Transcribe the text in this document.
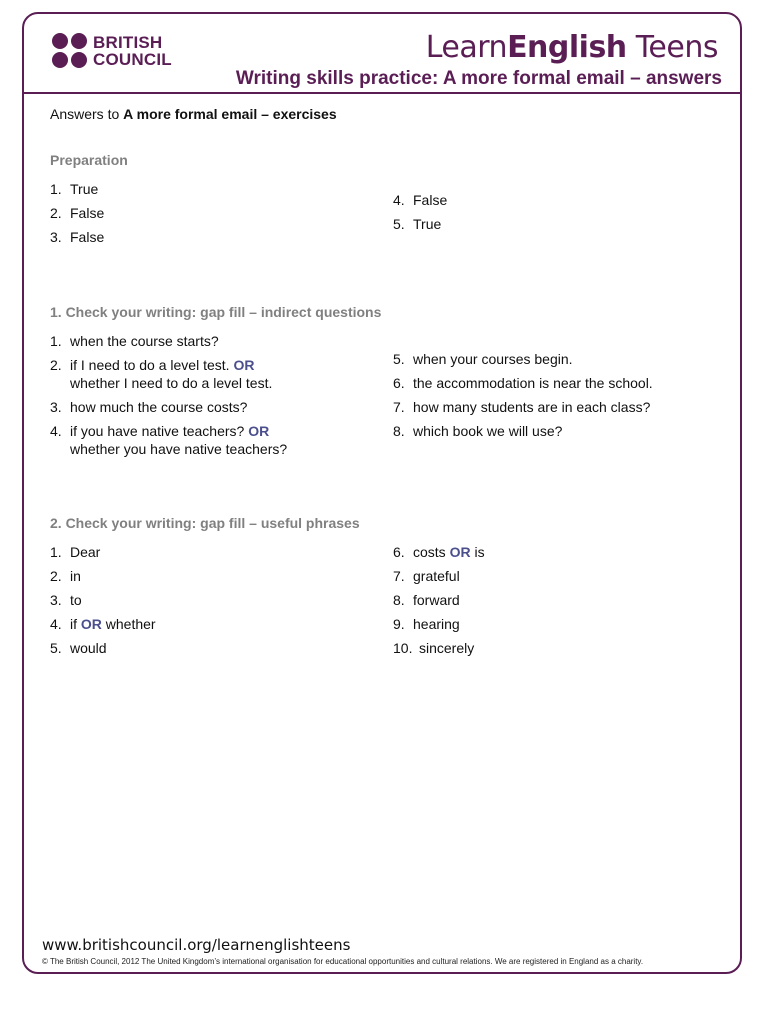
BRITISH
COUNCIL	LearnEnglish Teens
Writing skills practice: A more formal email – answers
Answers to A more formal email – exercises
Preparation
1. True
2. False
3. False
4. False
5. True
1. Check your writing: gap fill – indirect questions
1. when the course starts?
2. if I need to do a level test. OR
whether I need to do a level test.
3. how much the course costs?
4. if you have native teachers? OR
whether you have native teachers?
5. when your courses begin.
6. the accommodation is near the school.
7. how many students are in each class?
8. which book we will use?
2. Check your writing: gap fill – useful phrases
1. Dear
2. in
3. to
4. if OR whether
5. would
6. costs OR is
7. grateful
8. forward
9. hearing
10. sincerely
www.britishcouncil.org/learnenglishteens
© The British Council, 2012 The United Kingdom’s international organisation for educational opportunities and cultural relations. We are registered in England as a charity.
